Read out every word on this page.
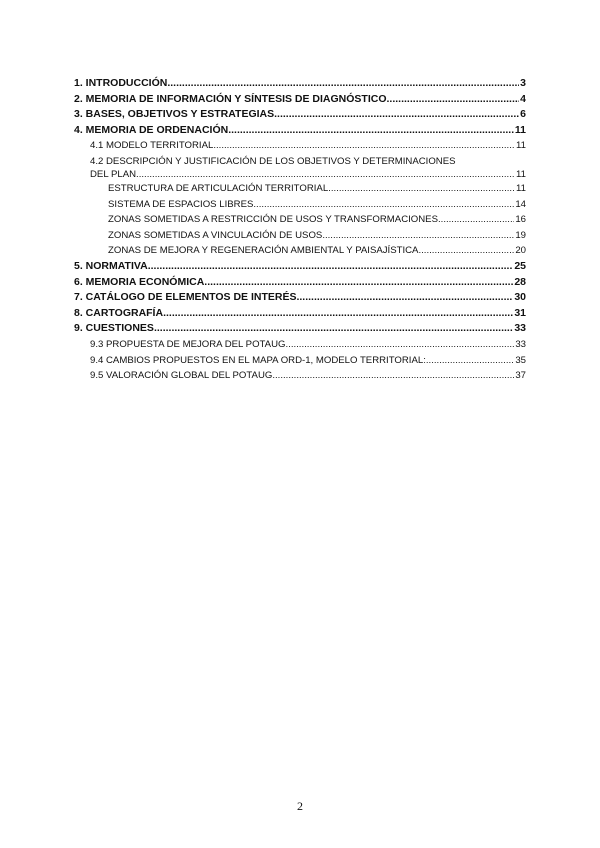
1. INTRODUCCIÓN .....	3
2. MEMORIA DE INFORMACIÓN Y SÍNTESIS DE DIAGNÓSTICO .....	4
3. BASES, OBJETIVOS Y ESTRATEGIAS .....	6
4. MEMORIA DE ORDENACIÓN .....	11
4.1 MODELO TERRITORIAL .....	11
4.2 DESCRIPCIÓN Y JUSTIFICACIÓN DE LOS OBJETIVOS Y DETERMINACIONES
DEL PLAN .....	11
ESTRUCTURA DE ARTICULACIÓN TERRITORIAL .....	11
SISTEMA DE ESPACIOS LIBRES .....	14
ZONAS SOMETIDAS A RESTRICCIÓN DE USOS Y TRANSFORMACIONES .....	16
ZONAS SOMETIDAS A VINCULACIÓN DE USOS .....	19
ZONAS DE MEJORA Y REGENERACIÓN AMBIENTAL Y PAISAJÍSTICA .....	20
5. NORMATIVA .....	25
6. MEMORIA ECONÓMICA .....	28
7. CATÁLOGO DE ELEMENTOS DE INTERÉS .....	30
8. CARTOGRAFÍA .....	31
9. CUESTIONES .....	33
9.3 PROPUESTA DE MEJORA DEL POTAUG .....	33
9.4 CAMBIOS PROPUESTOS EN EL MAPA ORD-1, MODELO TERRITORIAL: .....	35
9.5 VALORACIÓN GLOBAL DEL POTAUG .....	37
2
